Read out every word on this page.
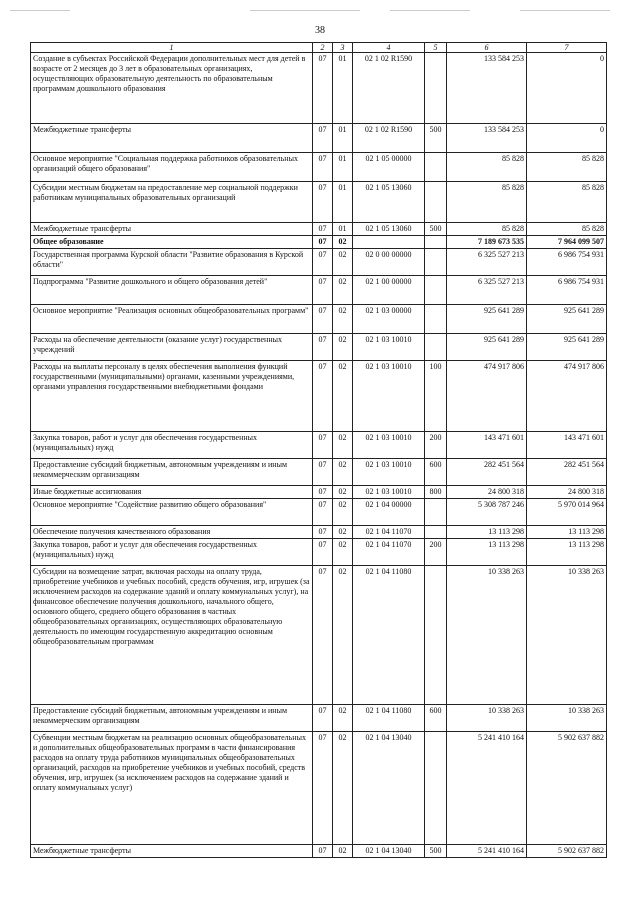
38
1	2	3	4	5	6	7
Создание в субъектах Российской Федерации дополнительных мест для детей в возрасте от 2 месяцев до 3 лет в образовательных организациях, осуществляющих образовательную деятельность по образовательным программам дошкольного образования	07	01	02 1 02 R1590		133 584 253	0
Межбюджетные трансферты	07	01	02 1 02 R1590	500	133 584 253	0
Основное мероприятие "Социальная поддержка работников образовательных организаций общего образования"	07	01	02 1 05 00000		85 828	85 828
Субсидии местным бюджетам на предоставление мер социальной поддержки работникам муниципальных образовательных организаций	07	01	02 1 05 13060		85 828	85 828
Межбюджетные трансферты	07	01	02 1 05 13060	500	85 828	85 828
Общее образование	07	02			7 189 673 535	7 964 099 507
Государственная программа Курской области "Развитие образования в Курской области"	07	02	02 0 00 00000		6 325 527 213	6 986 754 931
Подпрограмма "Развитие дошкольного и общего образования детей"	07	02	02 1 00 00000		6 325 527 213	6 986 754 931
Основное мероприятие "Реализация основных общеобразовательных программ"	07	02	02 1 03 00000		925 641 289	925 641 289
Расходы на обеспечение деятельности (оказание услуг) государственных учреждений	07	02	02 1 03 10010		925 641 289	925 641 289
Расходы на выплаты персоналу в целях обеспечения выполнения функций государственными (муниципальными) органами, казенными учреждениями, органами управления государственными внебюджетными фондами	07	02	02 1 03 10010	100	474 917 806	474 917 806
Закупка товаров, работ и услуг для обеспечения государственных (муниципальных) нужд	07	02	02 1 03 10010	200	143 471 601	143 471 601
Предоставление субсидий бюджетным, автономным учреждениям и иным некоммерческим организациям	07	02	02 1 03 10010	600	282 451 564	282 451 564
Иные бюджетные ассигнования	07	02	02 1 03 10010	800	24 800 318	24 800 318
Основное мероприятие "Содействие развитию общего образования"	07	02	02 1 04 00000		5 308 787 246	5 970 014 964
Обеспечение получения качественного образования	07	02	02 1 04 11070		13 113 298	13 113 298
Закупка товаров, работ и услуг для обеспечения государственных (муниципальных) нужд	07	02	02 1 04 11070	200	13 113 298	13 113 298
Субсидии на возмещение затрат, включая расходы на оплату труда, приобретение учебников и учебных пособий, средств обучения, игр, игрушек (за исключением расходов на содержание зданий и оплату коммунальных услуг), на финансовое обеспечение получения дошкольного, начального общего, основного общего, среднего общего образования в частных общеобразовательных организациях, осуществляющих образовательную деятельность по имеющим государственную аккредитацию основным общеобразовательным программам	07	02	02 1 04 11080		10 338 263	10 338 263
Предоставление субсидий бюджетным, автономным учреждениям и иным некоммерческим организациям	07	02	02 1 04 11080	600	10 338 263	10 338 263
Субвенции местным бюджетам на реализацию основных общеобразовательных и дополнительных общеобразовательных программ в части финансирования расходов на оплату труда работников муниципальных общеобразовательных организаций, расходов на приобретение учебников и учебных пособий, средств обучения, игр, игрушек (за исключением расходов на содержание зданий и оплату коммунальных услуг)	07	02	02 1 04 13040		5 241 410 164	5 902 637 882
Межбюджетные трансферты	07	02	02 1 04 13040	500	5 241 410 164	5 902 637 882
